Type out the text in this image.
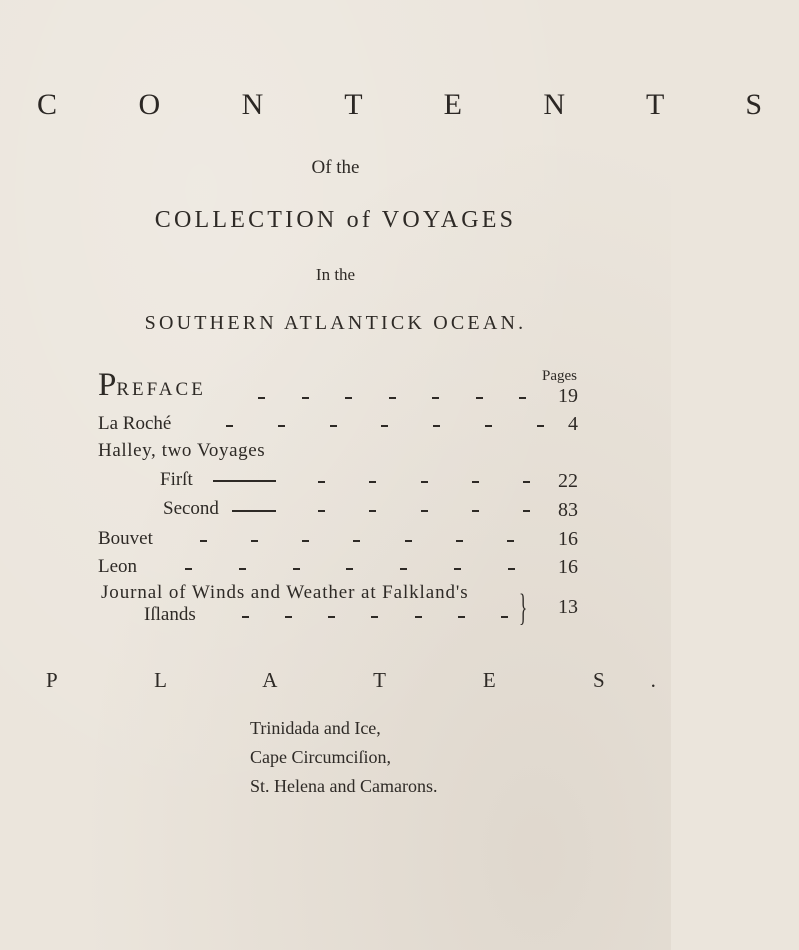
C O N T E N T S
Of the
COLLECTION of VOYAGES
In the
SOUTHERN ATLANTICK OCEAN.
Pages
PREFACE	19
La Roché	4
Halley, two Voyages
Firſt	22
Second	83
Bouvet	16
Leon	16
Journal of Winds and Weather at Falkland's
Iſlands	}	13
P L A T E S.
Trinidada and Ice,
Cape Circumciſion,
St. Helena and Camarons.
